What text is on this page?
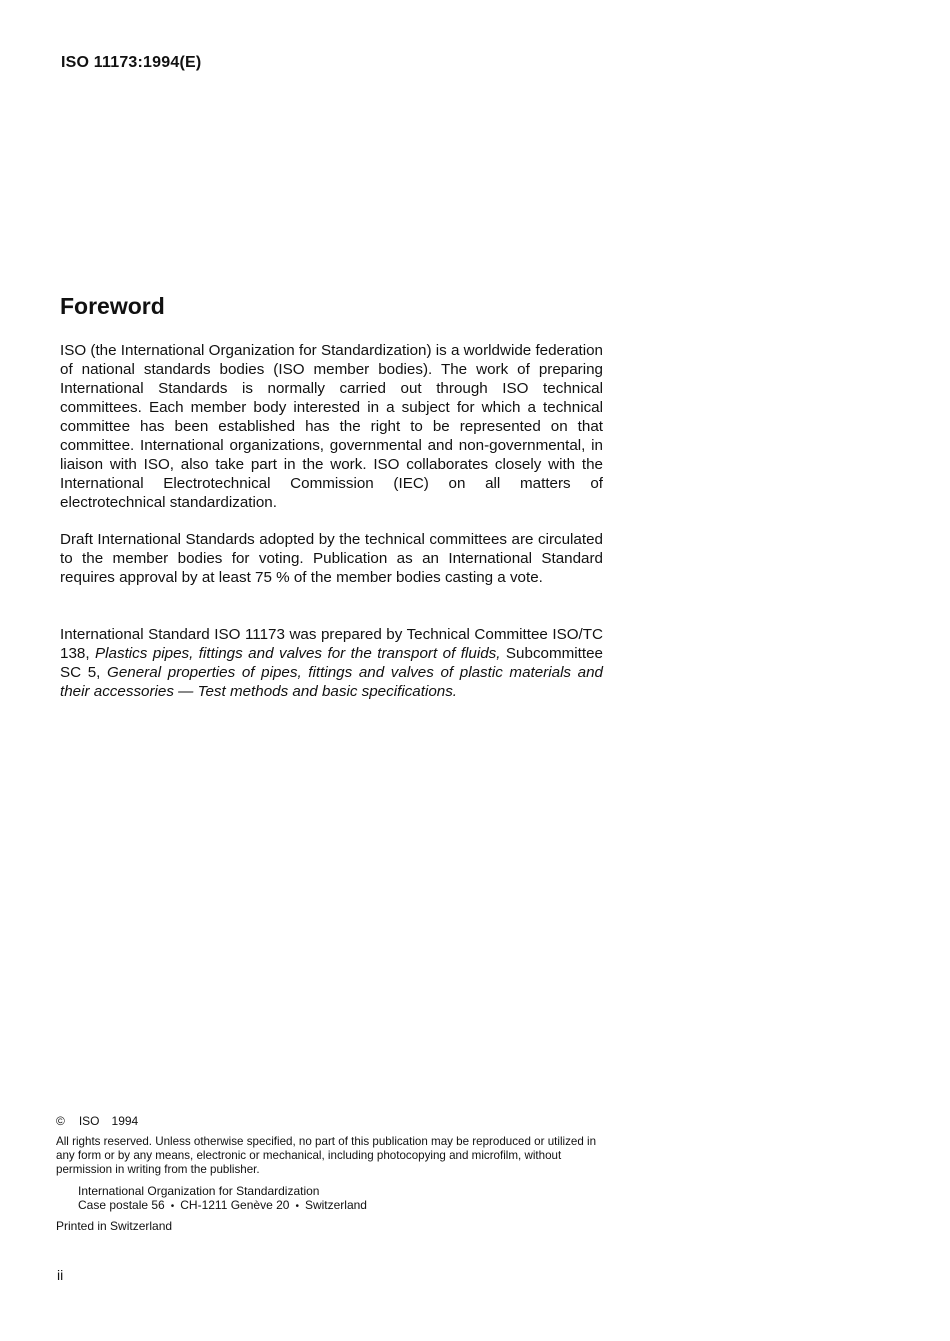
ISO 11173:1994(E)
Foreword

ISO (the International Organization for Standardization) is a worldwide federation of national standards bodies (ISO member bodies). The work of preparing International Standards is normally carried out through ISO technical committees. Each member body interested in a subject for which a technical committee has been established has the right to be represented on that committee. International organizations, governmental and non-governmental, in liaison with ISO, also take part in the work. ISO collaborates closely with the International Electrotechnical Commission (IEC) on all matters of electrotechnical standardization.

Draft International Standards adopted by the technical committees are circulated to the member bodies for voting. Publication as an International Standard requires approval by at least 75 % of the member bodies casting a vote.

International Standard ISO 11173 was prepared by Technical Committee ISO/TC 138, Plastics pipes, fittings and valves for the transport of fluids, Subcommittee SC 5, General properties of pipes, fittings and valves of plastic materials and their accessories — Test methods and basic specifications.

© ISO 1994

All rights reserved. Unless otherwise specified, no part of this publication may be reproduced or utilized in any form or by any means, electronic or mechanical, including photocopying and microfilm, without permission in writing from the publisher.

International Organization for Standardization
Case postale 56 • CH-1211 Genève 20 • Switzerland
Printed in Switzerland
ii
